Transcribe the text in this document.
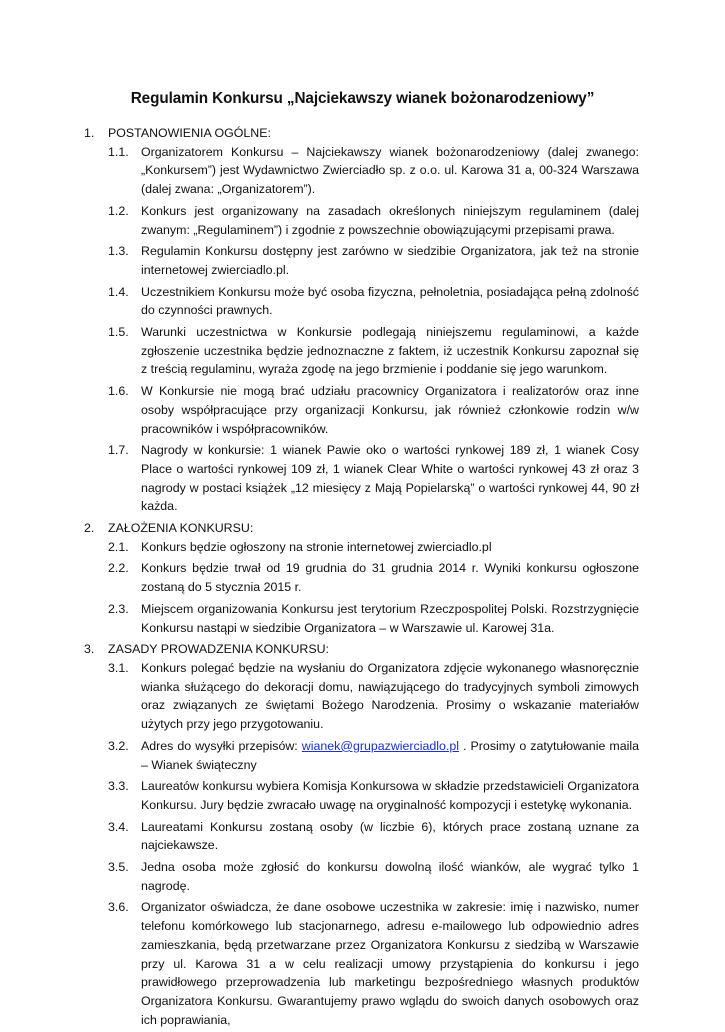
Regulamin Konkursu „Najciekawszy wianek bożonarodzeniowy”
1. POSTANOWIENIA OGÓLNE:
1.1. Organizatorem Konkursu – Najciekawszy wianek bożonarodzeniowy (dalej zwanego: „Konkursem”) jest Wydawnictwo Zwierciadło sp. z o.o. ul. Karowa 31 a, 00-324 Warszawa (dalej zwana: „Organizatorem”).
1.2. Konkurs jest organizowany na zasadach określonych niniejszym regulaminem (dalej zwanym: „Regulaminem”) i zgodnie z powszechnie obowiązującymi przepisami prawa.
1.3. Regulamin Konkursu dostępny jest zarówno w siedzibie Organizatora, jak też na stronie internetowej zwierciadlo.pl.
1.4. Uczestnikiem Konkursu może być osoba fizyczna, pełnoletnia, posiadająca pełną zdolność do czynności prawnych.
1.5. Warunki uczestnictwa w Konkursie podlegają niniejszemu regulaminowi, a każde zgłoszenie uczestnika będzie jednoznaczne z faktem, iż uczestnik Konkursu zapoznał się z treścią regulaminu, wyraża zgodę na jego brzmienie i poddanie się jego warunkom.
1.6. W Konkursie nie mogą brać udziału pracownicy Organizatora i realizatorów oraz inne osoby współpracujące przy organizacji Konkursu, jak również członkowie rodzin w/w pracowników i współpracowników.
1.7. Nagrody w konkursie: 1 wianek Pawie oko o wartości rynkowej 189 zł, 1 wianek Cosy Place o wartości rynkowej 109 zł, 1 wianek Clear White o wartości rynkowej 43 zł oraz 3 nagrody w postaci książek „12 miesięcy z Mają Popielarską” o wartości rynkowej 44, 90 zł każda.
2. ZAŁOŻENIA KONKURSU:
2.1. Konkurs będzie ogłoszony na stronie internetowej zwierciadlo.pl
2.2. Konkurs będzie trwał od 19 grudnia do 31 grudnia 2014 r. Wyniki konkursu ogłoszone zostaną do 5 stycznia 2015 r.
2.3. Miejscem organizowania Konkursu jest terytorium Rzeczpospolitej Polski. Rozstrzygnięcie Konkursu nastąpi w siedzibie Organizatora – w Warszawie ul. Karowej 31a.
3. ZASADY PROWADZENIA KONKURSU:
3.1. Konkurs polegać będzie na wysłaniu do Organizatora zdjęcie wykonanego własnoręcznie wianka służącego do dekoracji domu, nawiązującego do tradycyjnych symboli zimowych oraz związanych ze świętami Bożego Narodzenia. Prosimy o wskazanie materiałów użytych przy jego przygotowaniu.
3.2. Adres do wysyłki przepisów: wianek@grupazwierciadlo.pl . Prosimy o zatytułowanie maila – Wianek świąteczny
3.3. Laureatów konkursu wybiera Komisja Konkursowa w składzie przedstawicieli Organizatora Konkursu. Jury będzie zwracało uwagę na oryginalność kompozycji i estetykę wykonania.
3.4. Laureatami Konkursu zostaną osoby (w liczbie 6), których prace zostaną uznane za najciekawsze.
3.5. Jedna osoba może zgłosić do konkursu dowolną ilość wianków, ale wygrać tylko 1 nagrodę.
3.6. Organizator oświadcza, że dane osobowe uczestnika w zakresie: imię i nazwisko, numer telefonu komórkowego lub stacjonarnego, adresu e-mailowego lub odpowiednio adres zamieszkania, będą przetwarzane przez Organizatora Konkursu z siedzibą w Warszawie przy ul. Karowa 31 a w celu realizacji umowy przystąpienia do konkursu i jego prawidłowego przeprowadzenia lub marketingu bezpośredniego własnych produktów Organizatora Konkursu. Gwarantujemy prawo wglądu do swoich danych osobowych oraz ich poprawiania,
